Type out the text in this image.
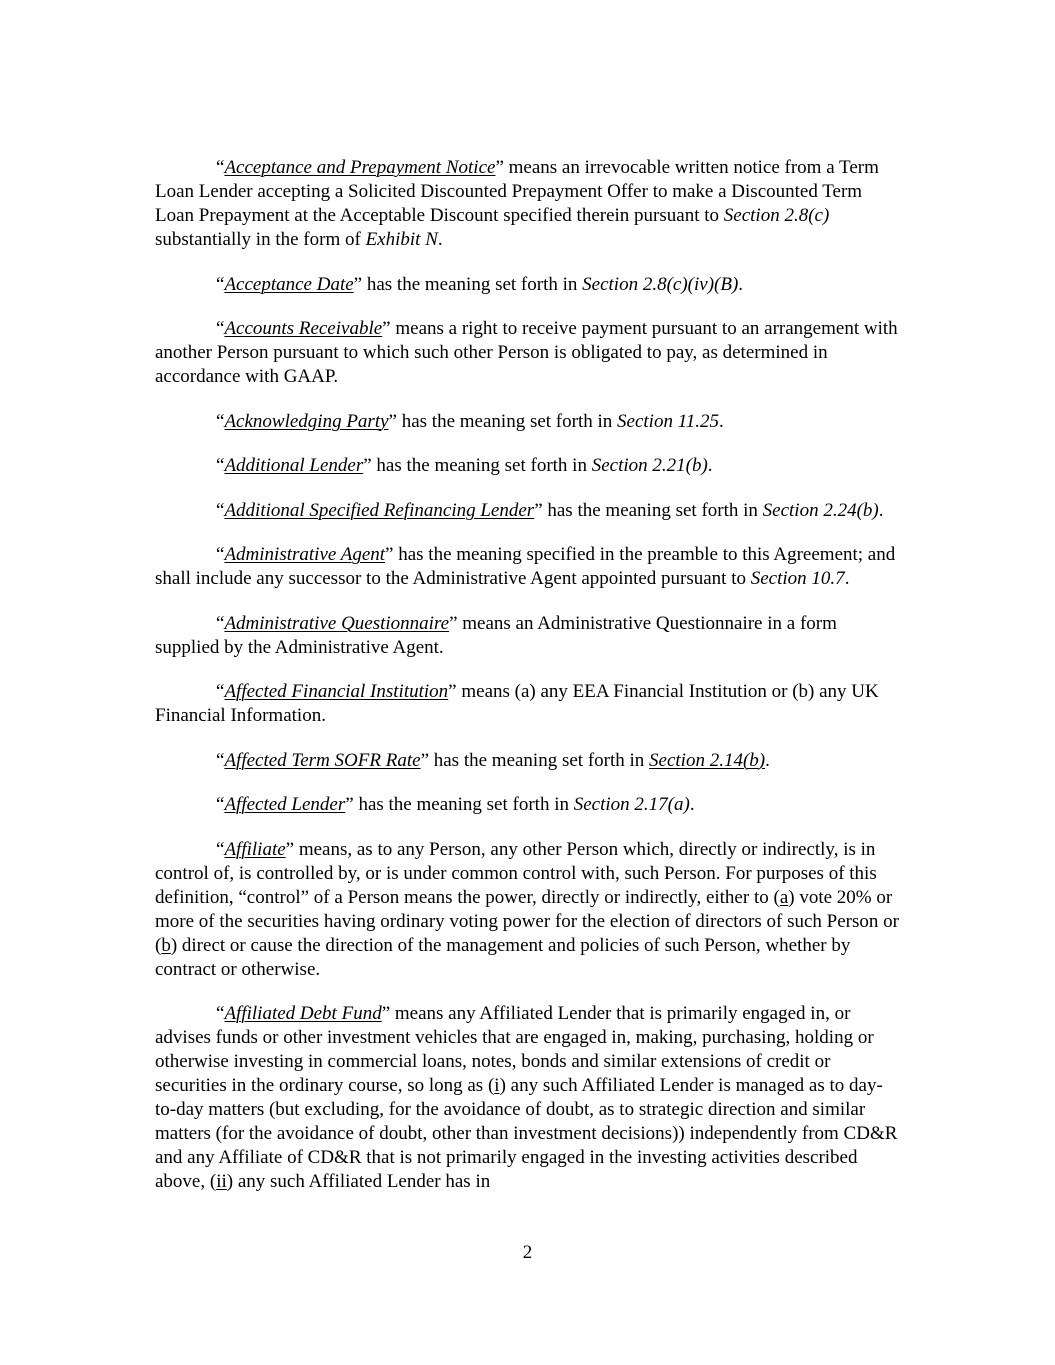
“Acceptance and Prepayment Notice” means an irrevocable written notice from a Term Loan Lender accepting a Solicited Discounted Prepayment Offer to make a Discounted Term Loan Prepayment at the Acceptable Discount specified therein pursuant to Section 2.8(c) substantially in the form of Exhibit N.

“Acceptance Date” has the meaning set forth in Section 2.8(c)(iv)(B).

“Accounts Receivable” means a right to receive payment pursuant to an arrangement with another Person pursuant to which such other Person is obligated to pay, as determined in accordance with GAAP.

“Acknowledging Party” has the meaning set forth in Section 11.25.

“Additional Lender” has the meaning set forth in Section 2.21(b).

“Additional Specified Refinancing Lender” has the meaning set forth in Section 2.24(b).

“Administrative Agent” has the meaning specified in the preamble to this Agreement; and shall include any successor to the Administrative Agent appointed pursuant to Section 10.7.

“Administrative Questionnaire” means an Administrative Questionnaire in a form supplied by the Administrative Agent.

“Affected Financial Institution” means (a) any EEA Financial Institution or (b) any UK Financial Information.

“Affected Term SOFR Rate” has the meaning set forth in Section 2.14(b).

“Affected Lender” has the meaning set forth in Section 2.17(a).

“Affiliate” means, as to any Person, any other Person which, directly or indirectly, is in control of, is controlled by, or is under common control with, such Person. For purposes of this definition, “control” of a Person means the power, directly or indirectly, either to (a) vote 20% or more of the securities having ordinary voting power for the election of directors of such Person or (b) direct or cause the direction of the management and policies of such Person, whether by contract or otherwise.

“Affiliated Debt Fund” means any Affiliated Lender that is primarily engaged in, or advises funds or other investment vehicles that are engaged in, making, purchasing, holding or otherwise investing in commercial loans, notes, bonds and similar extensions of credit or securities in the ordinary course, so long as (i) any such Affiliated Lender is managed as to day-to-day matters (but excluding, for the avoidance of doubt, as to strategic direction and similar matters (for the avoidance of doubt, other than investment decisions)) independently from CD&R and any Affiliate of CD&R that is not primarily engaged in the investing activities described above, (ii) any such Affiliated Lender has in

2
